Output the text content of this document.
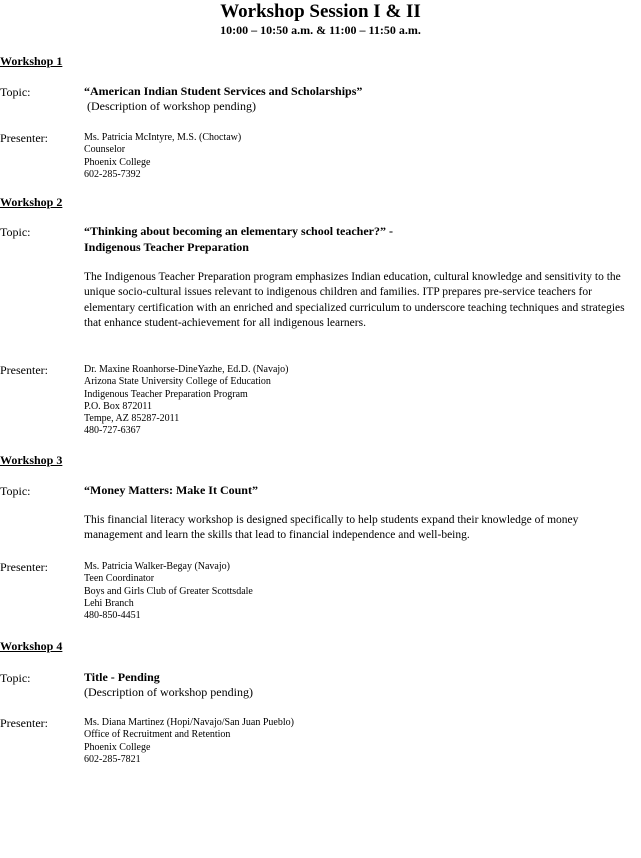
Workshop Session I & II
10:00 – 10:50 a.m. & 11:00 – 11:50 a.m.
Workshop 1
Topic:	“American Indian Student Services and Scholarships”

(Description of workshop pending)

Presenter:	Ms. Patricia McIntyre, M.S. (Choctaw)
Counselor
Phoenix College
602-285-7392
Workshop 2
Topic:	“Thinking about becoming an elementary school teacher?” -

Indigenous Teacher Preparation

The Indigenous Teacher Preparation program emphasizes Indian education, cultural knowledge and sensitivity to the unique socio-cultural issues relevant to indigenous children and families. ITP prepares pre-service teachers for elementary certification with an enriched and specialized curriculum to underscore teaching techniques and strategies that enhance student-achievement for all indigenous learners.

Presenter:	Dr. Maxine Roanhorse-DineYazhe, Ed.D. (Navajo)
Arizona State University College of Education
Indigenous Teacher Preparation Program
P.O. Box 872011
Tempe, AZ 85287-2011
480-727-6367
Workshop 3
Topic:	“Money Matters: Make It Count”

This financial literacy workshop is designed specifically to help students expand their knowledge of money management and learn the skills that lead to financial independence and well-being.

Presenter:	Ms. Patricia Walker-Begay (Navajo)
Teen Coordinator
Boys and Girls Club of Greater Scottsdale
Lehi Branch
480-850-4451
Workshop 4
Topic:	Title - Pending

(Description of workshop pending)

Presenter:	Ms. Diana Martinez (Hopi/Navajo/San Juan Pueblo)
Office of Recruitment and Retention
Phoenix College
602-285-7821
